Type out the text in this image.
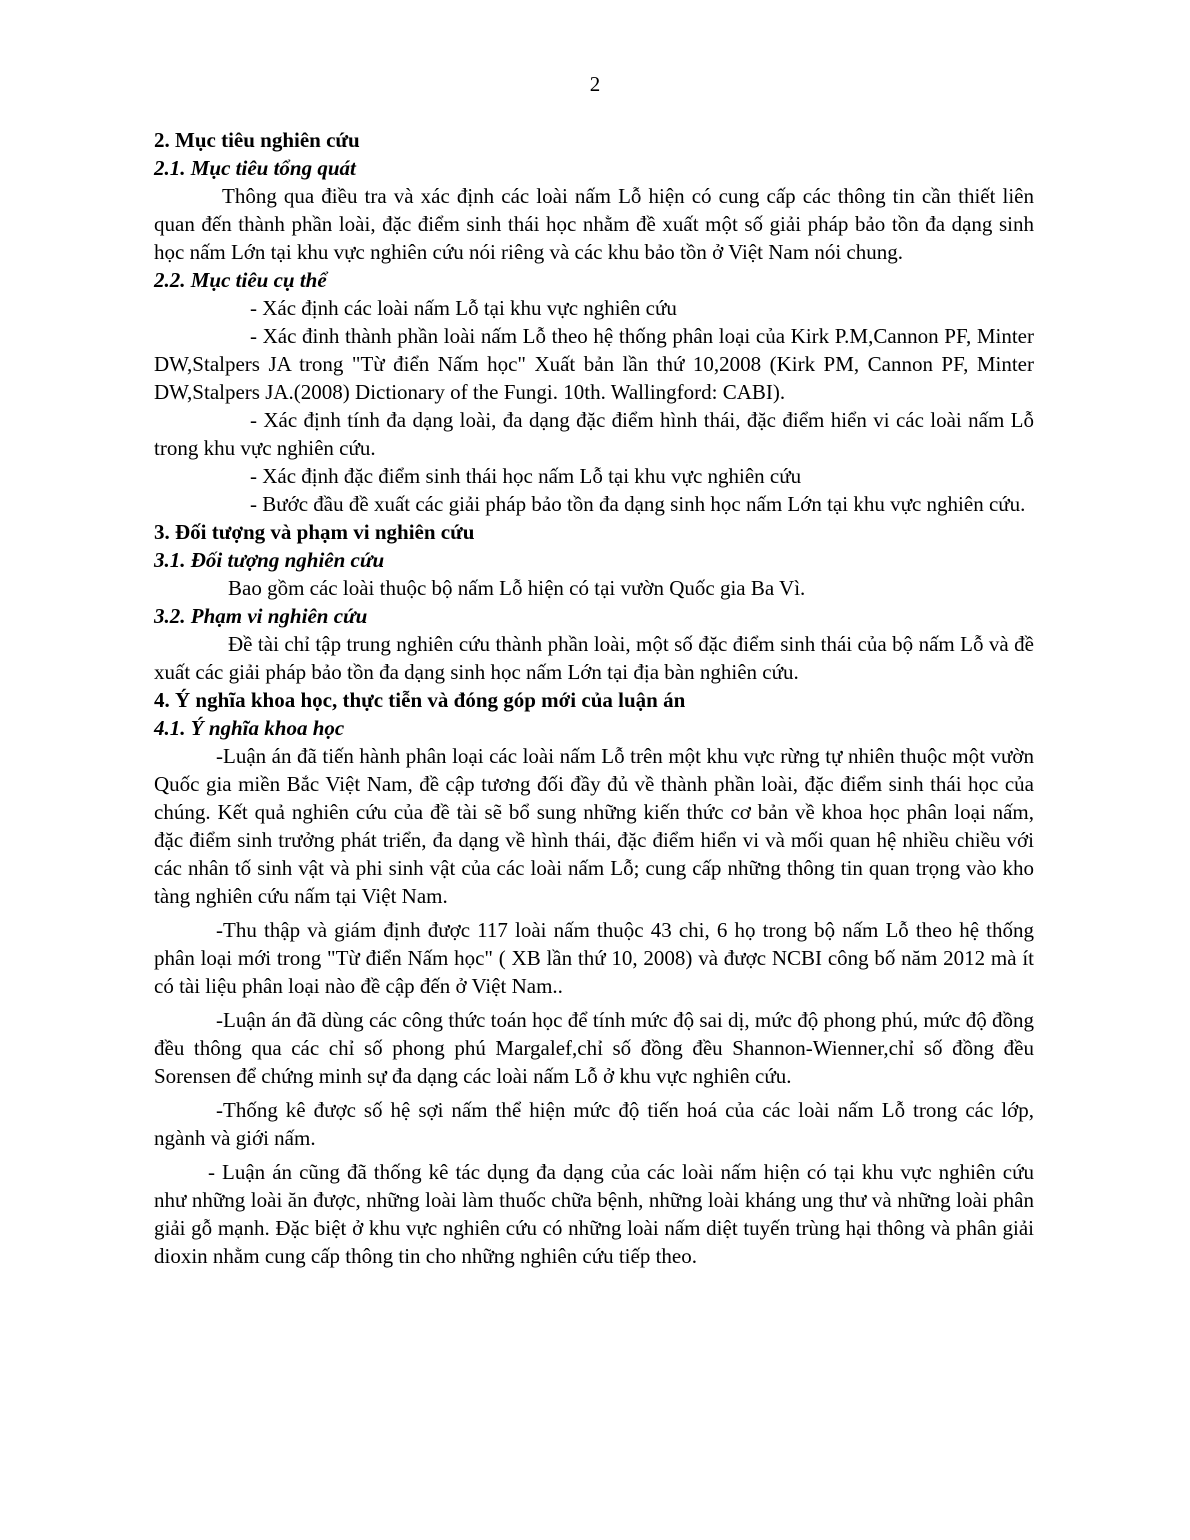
2
2. Mục tiêu nghiên cứu
2.1. Mục tiêu tổng quát

Thông qua điều tra và xác định các loài nấm Lỗ hiện có cung cấp các thông tin cần thiết liên quan đến thành phần loài, đặc điểm sinh thái học nhằm đề xuất một số giải pháp bảo tồn đa dạng sinh học nấm Lớn tại khu vực nghiên cứu nói riêng và các khu bảo tồn ở Việt Nam nói chung.

2.2. Mục tiêu cụ thể

- Xác định các loài nấm Lỗ tại khu vực nghiên cứu

- Xác đinh thành phần loài nấm Lỗ theo hệ thống phân loại của Kirk P.M,Cannon PF, Minter DW,Stalpers JA trong "Từ điển Nấm học" Xuất bản lần thứ 10,2008 (Kirk PM, Cannon PF, Minter DW,Stalpers JA.(2008) Dictionary of the Fungi. 10th. Wallingford: CABI).

- Xác định tính đa dạng loài, đa dạng đặc điểm hình thái, đặc điểm hiển vi các loài nấm Lỗ trong khu vực nghiên cứu.

- Xác định đặc điểm sinh thái học nấm Lỗ tại khu vực nghiên cứu

- Bước đầu đề xuất các giải pháp bảo tồn đa dạng sinh học nấm Lớn tại khu vực nghiên cứu.

3. Đối tượng và phạm vi nghiên cứu
3.1. Đối tượng nghiên cứu

Bao gồm các loài thuộc bộ nấm Lỗ hiện có tại vườn Quốc gia Ba Vì.

3.2. Phạm vi nghiên cứu

Đề tài chỉ tập trung nghiên cứu thành phần loài, một số đặc điểm sinh thái của bộ nấm Lỗ và đề xuất các giải pháp bảo tồn đa dạng sinh học nấm Lớn tại địa bàn nghiên cứu.

4. Ý nghĩa khoa học, thực tiễn và đóng góp mới của luận án
4.1. Ý nghĩa khoa học

-Luận án đã tiến hành phân loại các loài nấm Lỗ trên một khu vực rừng tự nhiên thuộc một vườn Quốc gia miền Bắc Việt Nam, đề cập tương đối đầy đủ về thành phần loài, đặc điểm sinh thái học của chúng. Kết quả nghiên cứu của đề tài sẽ bổ sung những kiến thức cơ bản về khoa học phân loại nấm, đặc điểm sinh trưởng phát triển, đa dạng về hình thái, đặc điểm hiển vi và mối quan hệ nhiều chiều với các nhân tố sinh vật và phi sinh vật của các loài nấm Lỗ; cung cấp những thông tin quan trọng vào kho tàng nghiên cứu nấm tại Việt Nam.

-Thu thập và giám định được 117 loài nấm thuộc 43 chi, 6 họ trong bộ nấm Lỗ theo hệ thống phân loại mới trong "Từ điển Nấm học" ( XB lần thứ 10, 2008) và được NCBI công bố năm 2012 mà ít có tài liệu phân loại nào đề cập đến ở Việt Nam..

-Luận án đã dùng các công thức toán học để tính mức độ sai dị, mức độ phong phú, mức độ đồng đều thông qua các chỉ số phong phú Margalef,chỉ số đồng đều Shannon-Wienner,chỉ số đồng đều Sorensen để chứng minh sự đa dạng các loài nấm Lỗ ở khu vực nghiên cứu.

-Thống kê được số hệ sợi nấm thể hiện mức độ tiến hoá của các loài nấm Lỗ trong các lớp, ngành và giới nấm.

- Luận án cũng đã thống kê tác dụng đa dạng của các loài nấm hiện có tại khu vực nghiên cứu như những loài ăn được, những loài làm thuốc chữa bệnh, những loài kháng ung thư và những loài phân giải gỗ mạnh. Đặc biệt ở khu vực nghiên cứu có những loài nấm diệt tuyến trùng hại thông và phân giải dioxin nhằm cung cấp thông tin cho những nghiên cứu tiếp theo.
